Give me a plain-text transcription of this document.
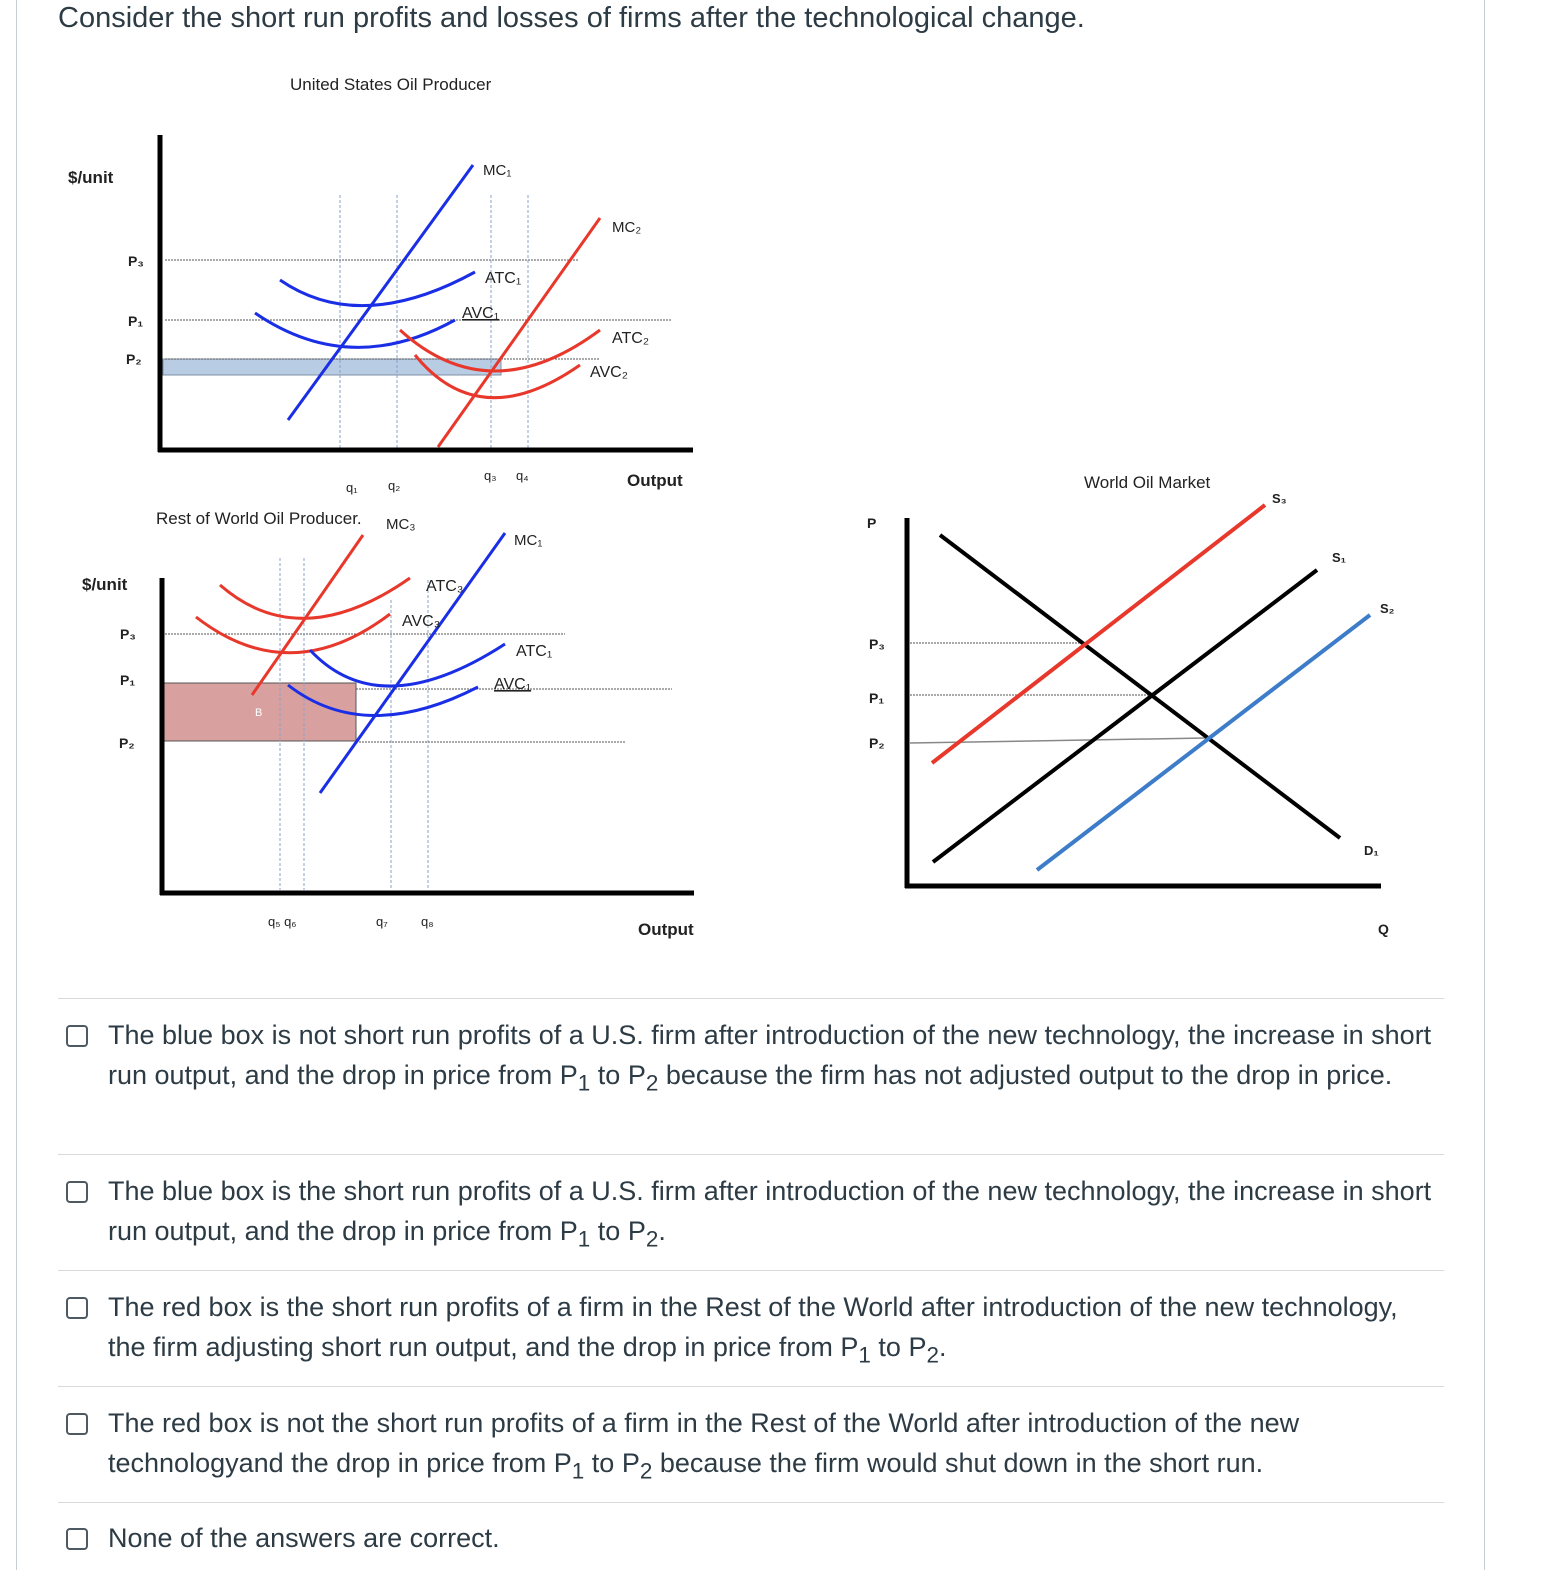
Consider the short run profits and losses of firms after the technological change.
United States Oil Producer
$/unit	MC₁
MC₂
ATC₁
AVC₁
ATC₂
AVC₂
P₃
P₁
P₂
q₁ q₂
q₃ q₄	Output
Rest of World Oil Producer. MC₃
$/unit
B
MC₁
ATC₃
AVC₃
ATC₁
AVC₁
P₃
P₁
P₂
q₅ q₆	q₇	q₈	Output
World Oil Market
P
S₃
S₁
S₂
D₁
P₃
P₁
P₂
Q
The blue box is not short run profits of a U.S. firm after introduction of the new technology, the increase in short run output, and the drop in price from $P_1$ to $P_2$ because the firm has not adjusted output to the drop in price.
The blue box is the short run profits of a U.S. firm after introduction of the new technology, the increase in short run output, and the drop in price from $P_1$ to $P_2$.
The red box is the short run profits of a firm in the Rest of the World after introduction of the new technology, the firm adjusting short run output, and the drop in price from $P_1$ to $P_2$.
The red box is not the short run profits of a firm in the Rest of the World after introduction of the new technologyand the drop in price from $P_1$ to $P_2$ because the firm would shut down in the short run.
None of the answers are correct.
